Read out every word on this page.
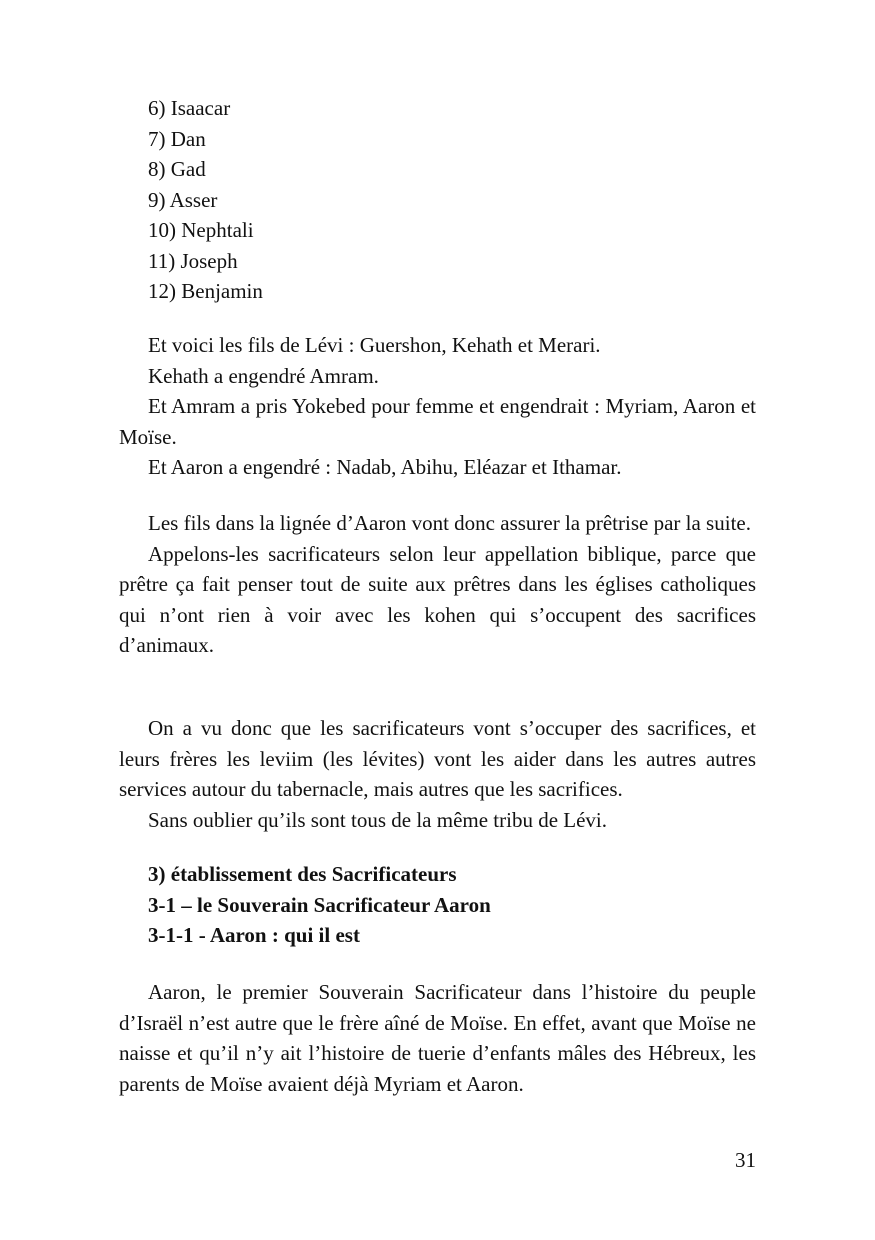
6) Isaacar
7) Dan
8) Gad
9) Asser
10) Nephtali
11) Joseph
12) Benjamin

Et voici les fils de Lévi : Guershon, Kehath et Merari.

Kehath a engendré Amram.

Et Amram a pris Yokebed pour femme et engendrait : Myriam, Aaron et Moïse.

Et Aaron a engendré : Nadab, Abihu, Eléazar et Ithamar.

Les fils dans la lignée d’Aaron vont donc assurer la prêtrise par la suite.

Appelons-les sacrificateurs selon leur appellation biblique, parce que prêtre ça fait penser tout de suite aux prêtres dans les églises catholiques qui n’ont rien à voir avec les kohen qui s’occupent des sacrifices d’animaux.

On a vu donc que les sacrificateurs vont s’occuper des sacrifices, et leurs frères les leviim (les lévites) vont les aider dans les autres autres services autour du tabernacle, mais autres que les sacrifices.

Sans oublier qu’ils sont tous de la même tribu de Lévi.

3) établissement des Sacrificateurs
3-1 – le Souverain Sacrificateur Aaron
3-1-1 - Aaron : qui il est

Aaron, le premier Souverain Sacrificateur dans l’histoire du peuple d’Israël n’est autre que le frère aîné de Moïse. En effet, avant que Moïse ne naisse et qu’il n’y ait l’histoire de tuerie d’enfants mâles des Hébreux, les parents de Moïse avaient déjà Myriam et Aaron.

31
